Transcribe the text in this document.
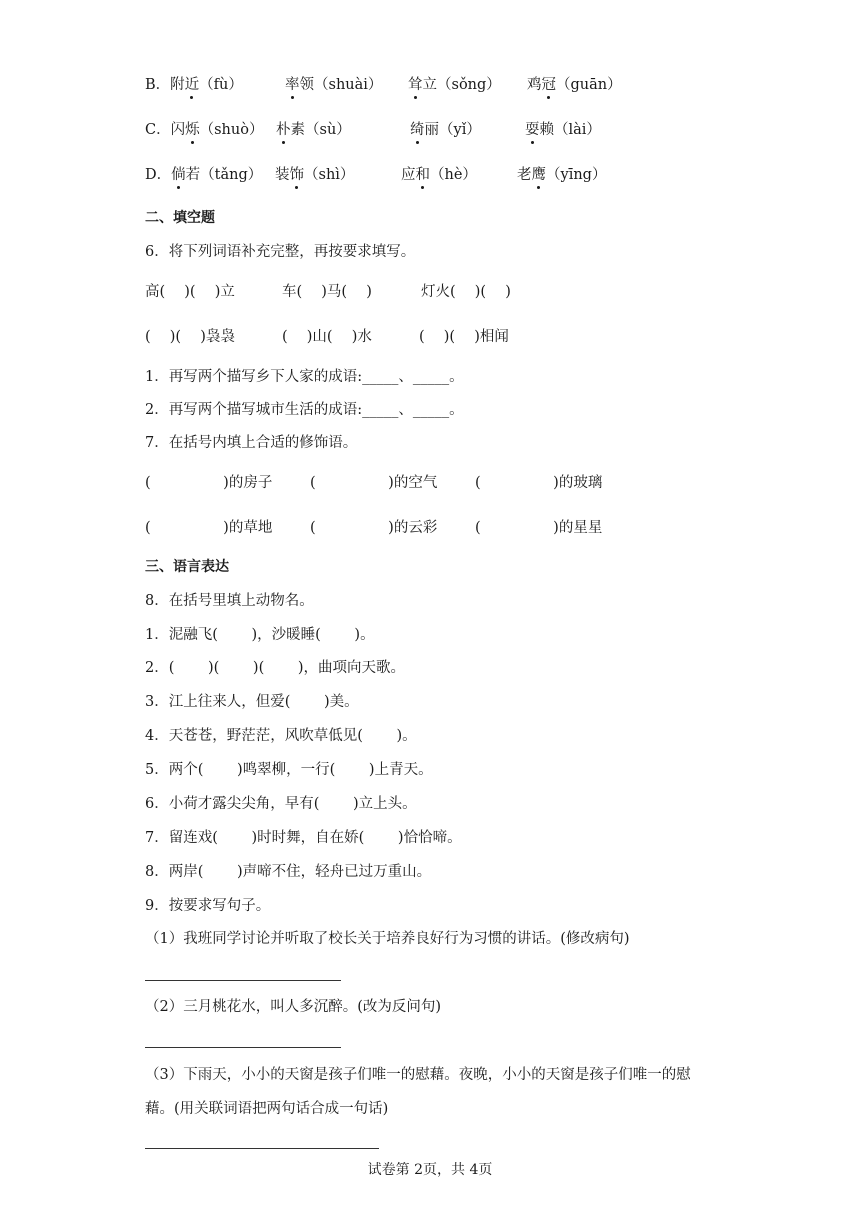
B．附近（fù）	率领（shuài） 耸立（sǒng） 鸡冠（guān）
C．闪烁（shuò） 朴素（sù）	绮丽（yǐ）	耍赖（lài）
D．倘若（tǎng） 装饰（shì）	应和（hè）	老鹰（yīng）
二、填空题
6．将下列词语补充完整，再按要求填写。
高(　 )(　 )立	车(　 )马(　 )	灯火(　 )(　 )
(　 )(　 )袅袅	(　 )山(　 )水	(　 )(　 )相闻
1．再写两个描写乡下人家的成语:_____、_____。
2．再写两个描写城市生活的成语:_____、_____。
7．在括号内填上合适的修饰语。
(　　　　　)的房子	(　　　　　)的空气	(　　　　　)的玻璃
(　　　　　)的草地	(　　　　　)的云彩	(　　　　　)的星星
三、语言表达
8．在括号里填上动物名。
1．泥融飞(　　 )，沙暖睡(　　 )。
2．(　　 )(　　 )(　　 )，曲项向天歌。
3．江上往来人，但爱(　　 )美。
4．天苍苍，野茫茫，风吹草低见(　　 )。
5．两个(　　 )鸣翠柳，一行(　　 )上青天。
6．小荷才露尖尖角，早有(　　 )立上头。
7．留连戏(　　 )时时舞，自在娇(　　 )恰恰啼。
8．两岸(　　 )声啼不住，轻舟已过万重山。
9．按要求写句子。
（1）我班同学讨论并听取了校长关于培养良好行为习惯的讲话。(修改病句)
（2）三月桃花水，叫人多沉醉。(改为反问句)
（3）下雨天，小小的天窗是孩子们唯一的慰藉。夜晚，小小的天窗是孩子们唯一的慰
藉。(用关联词语把两句话合成一句话)
试卷第 2页，共 4页
